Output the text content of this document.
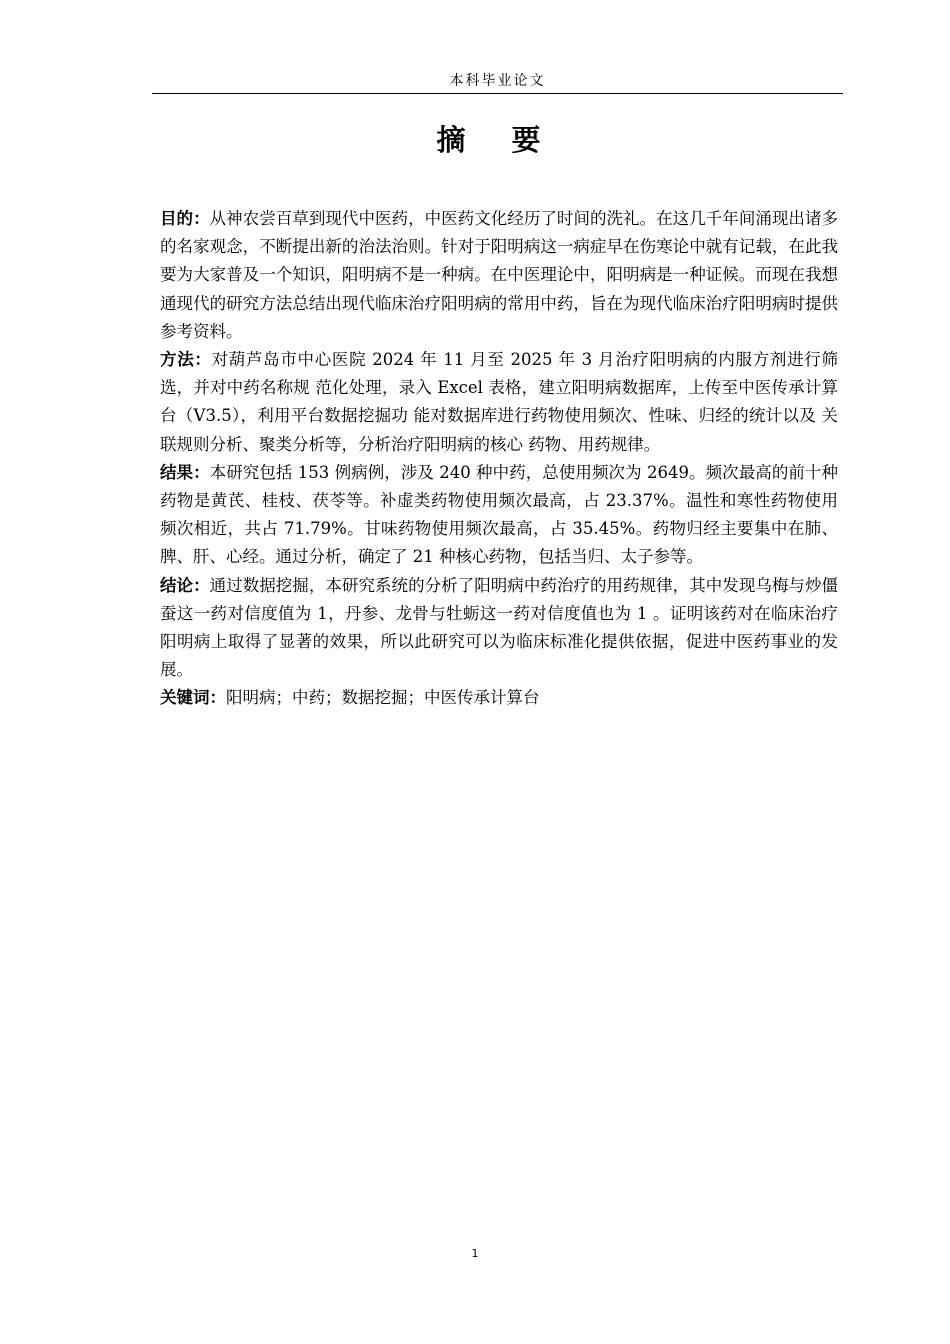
本科毕业论文
摘 要

目的：从神农尝百草到现代中医药，中医药文化经历了时间的洗礼。在这几千年间涌现出诸多的名家观念，不断提出新的治法治则。针对于阳明病这一病症早在伤寒论中就有记载，在此我要为大家普及一个知识，阳明病不是一种病。在中医理论中，阳明病是一种证候。而现在我想通现代的研究方法总结出现代临床治疗阳明病的常用中药，旨在为现代临床治疗阳明病时提供参考资料。

方法：对葫芦岛市中心医院 2024 年 11 月至 2025 年 3 月治疗阳明病的内服方剂进行筛选，并对中药名称规 范化处理，录入 Excel 表格，建立阳明病数据库，上传至中医传承计算台（V3.5），利用平台数据挖掘功 能对数据库进行药物使用频次、性味、归经的统计以及 关联规则分析、聚类分析等，分析治疗阳明病的核心 药物、用药规律。

结果：本研究包括 153 例病例，涉及 240 种中药，总使用频次为 2649。频次最高的前十种药物是黄芪、桂枝、茯苓等。补虚类药物使用频次最高，占 23.37%。温性和寒性药物使用频次相近，共占 71.79%。甘味药物使用频次最高，占 35.45%。药物归经主要集中在肺、脾、肝、心经。通过分析，确定了 21 种核心药物，包括当归、太子参等。

结论：通过数据挖掘，本研究系统的分析了阳明病中药治疗的用药规律，其中发现乌梅与炒僵蚕这一药对信度值为 1，丹参、龙骨与牡蛎这一药对信度值也为 1 。证明该药对在临床治疗阳明病上取得了显著的效果，所以此研究可以为临床标准化提供依据，促进中医药事业的发展。

关键词：阳明病；中药；数据挖掘；中医传承计算台

1
